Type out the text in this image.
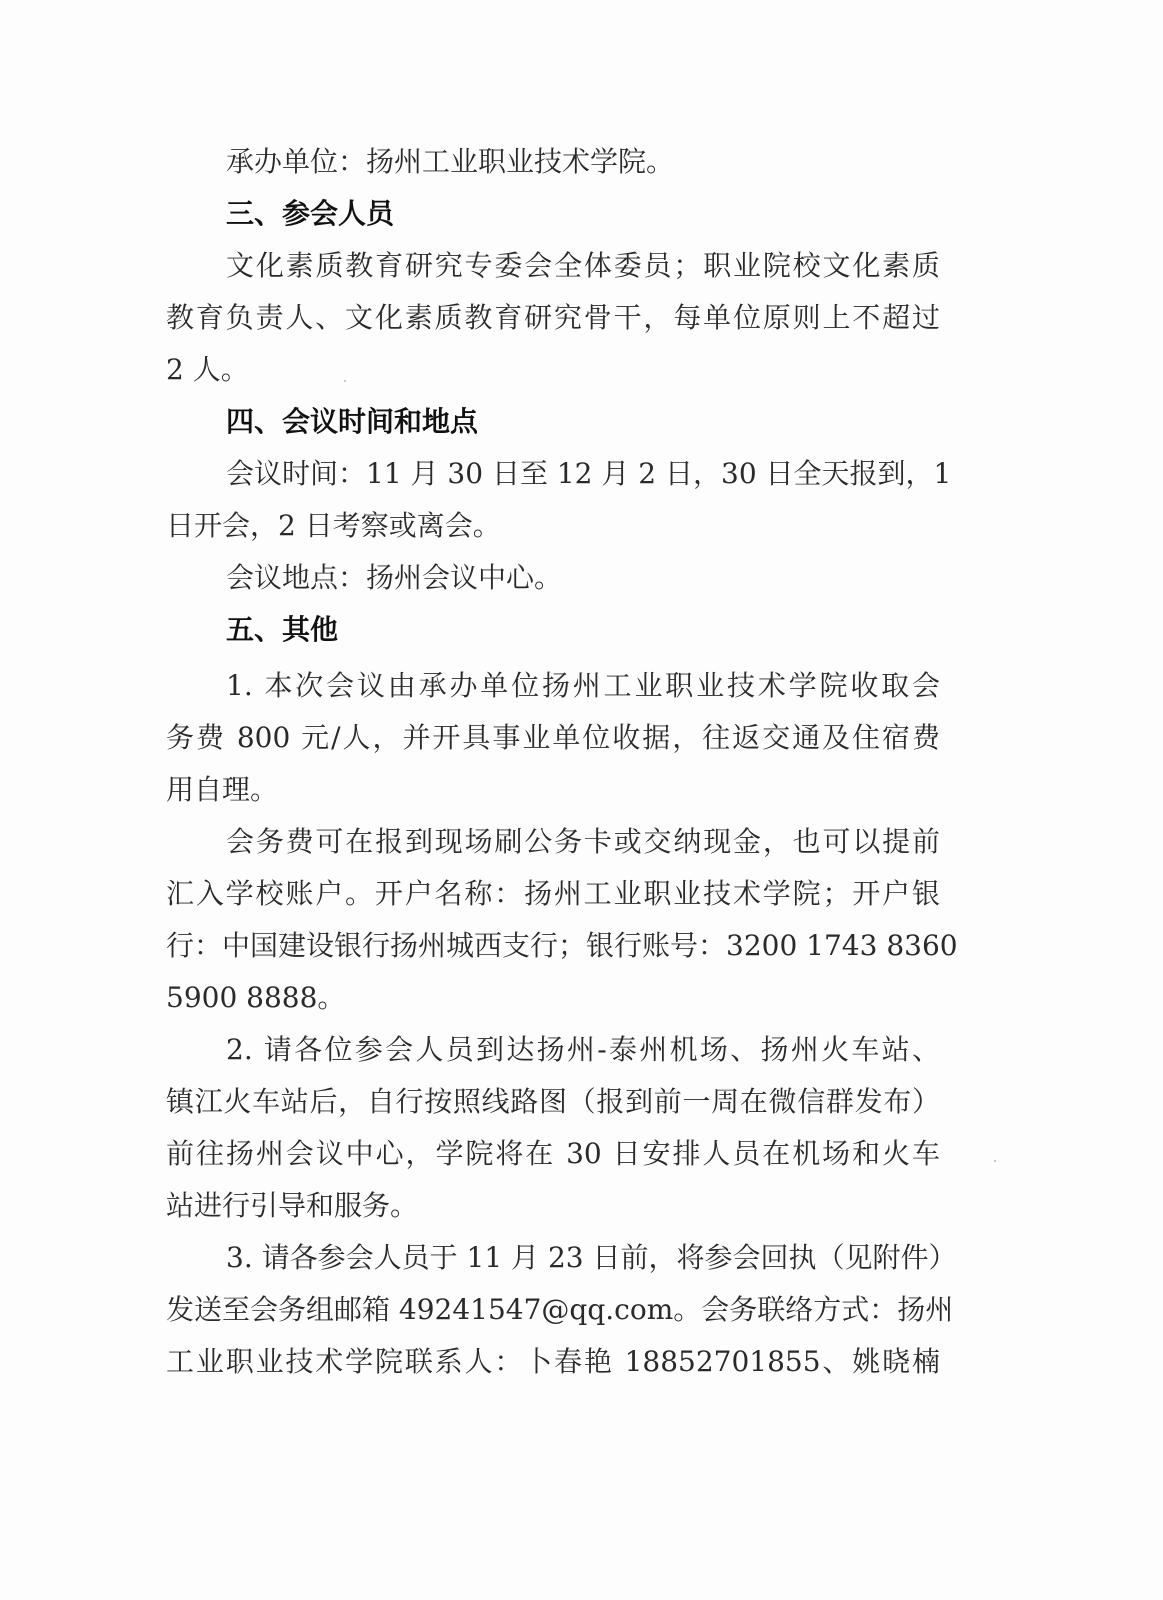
承办单位：扬州工业职业技术学院。
三、参会人员
文化素质教育研究专委会全体委员；职业院校文化素质
教育负责人、文化素质教育研究骨干，每单位原则上不超过
2 人。
四、会议时间和地点
会议时间：11 月 30 日至 12 月 2 日，30 日全天报到，1
日开会，2 日考察或离会。
会议地点：扬州会议中心。
五、其他
1. 本次会议由承办单位扬州工业职业技术学院收取会
务费 800 元/人，并开具事业单位收据，往返交通及住宿费
用自理。
会务费可在报到现场刷公务卡或交纳现金，也可以提前
汇入学校账户。开户名称：扬州工业职业技术学院；开户银
行：中国建设银行扬州城西支行；银行账号：3200 1743 8360
5900 8888。
2. 请各位参会人员到达扬州-泰州机场、扬州火车站、
镇江火车站后，自行按照线路图（报到前一周在微信群发布）
前往扬州会议中心，学院将在 30 日安排人员在机场和火车
站进行引导和服务。
3. 请各参会人员于 11 月 23 日前，将参会回执（见附件）
发送至会务组邮箱 49241547@qq.com。会务联络方式：扬州
工业职业技术学院联系人：卜春艳 18852701855、姚晓楠
